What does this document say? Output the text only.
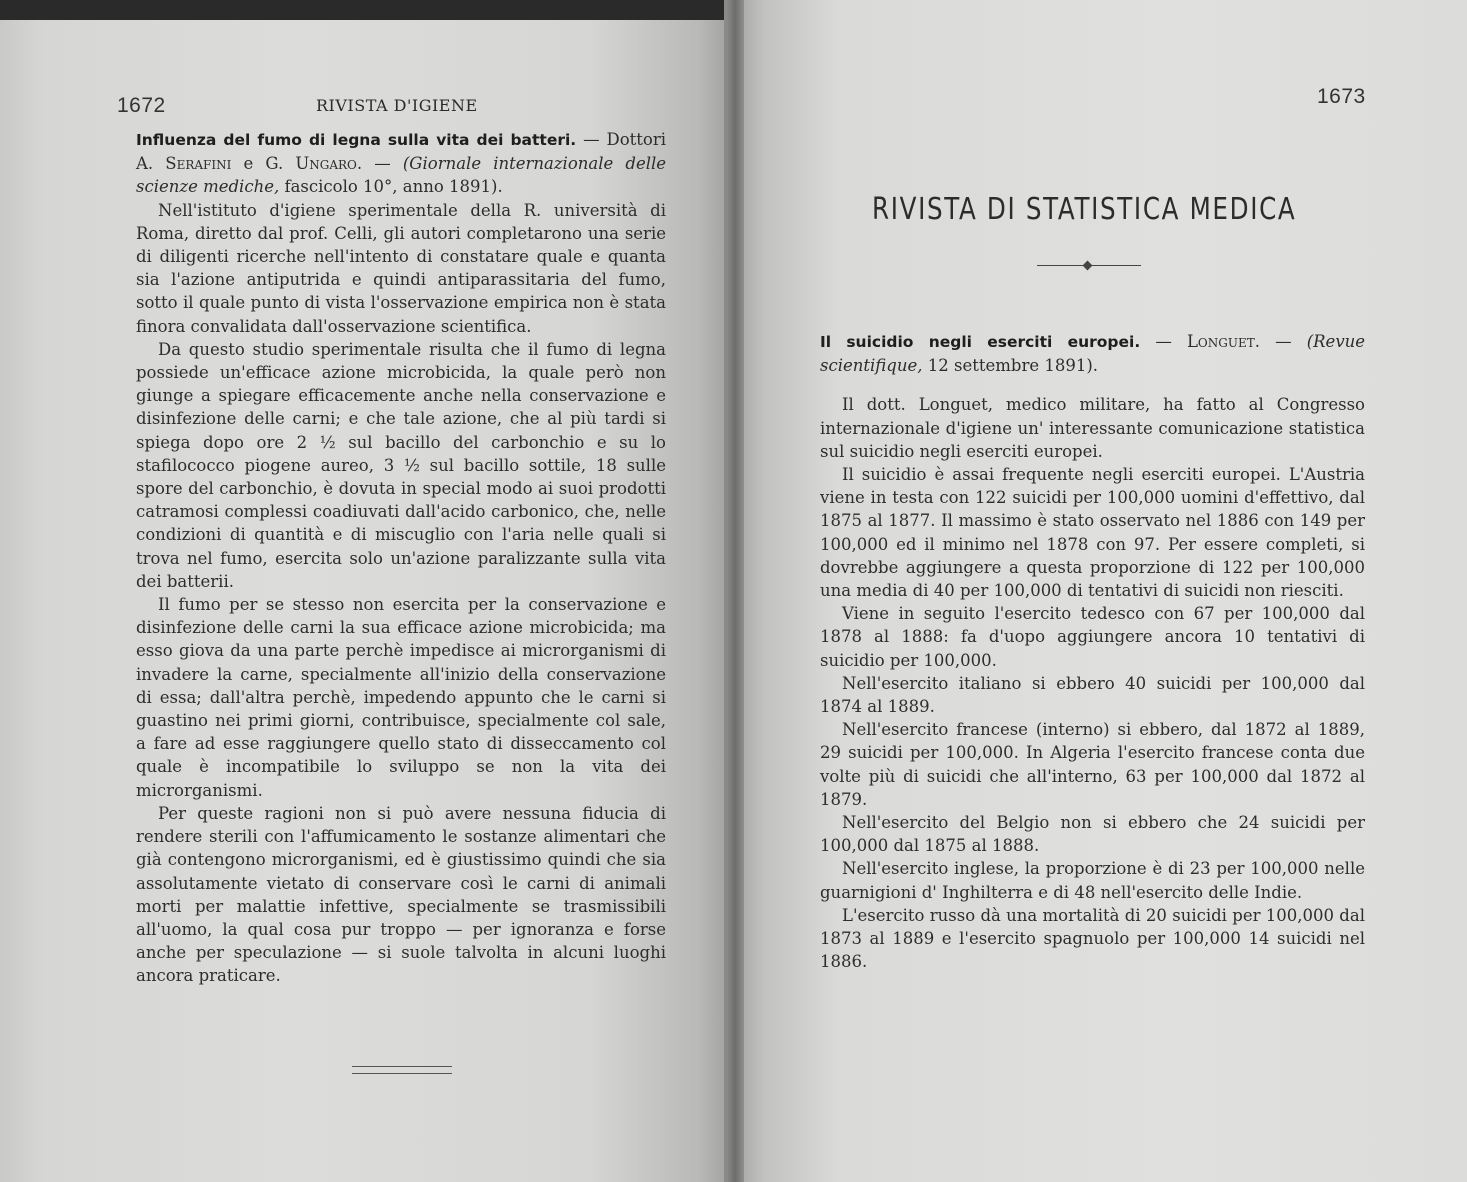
1672	RIVISTA D'IGIENE

Influenza del fumo di legna sulla vita dei batteri. — Dottori A. Serafini e G. Ungaro. — (Giornale internazionale delle scienze mediche, fascicolo 10°, anno 1891).

Nell'istituto d'igiene sperimentale della R. università di Roma, diretto dal prof. Celli, gli autori completarono una serie di diligenti ricerche nell'intento di constatare quale e quanta sia l'azione antiputrida e quindi antiparassitaria del fumo, sotto il quale punto di vista l'osservazione empirica non è stata finora convalidata dall'osservazione scientifica.

Da questo studio sperimentale risulta che il fumo di legna possiede un'efficace azione microbicida, la quale però non giunge a spiegare efficacemente anche nella conservazione e disinfezione delle carni; e che tale azione, che al più tardi si spiega dopo ore 2 ½ sul bacillo del carbonchio e su lo stafilococco piogene aureo, 3 ½ sul bacillo sottile, 18 sulle spore del carbonchio, è dovuta in special modo ai suoi prodotti catramosi complessi coadiuvati dall'acido carbonico, che, nelle condizioni di quantità e di miscuglio con l'aria nelle quali si trova nel fumo, esercita solo un'azione paralizzante sulla vita dei batterii.

Il fumo per se stesso non esercita per la conservazione e disinfezione delle carni la sua efficace azione microbicida; ma esso giova da una parte perchè impedisce ai microrganismi di invadere la carne, specialmente all'inizio della conservazione di essa; dall'altra perchè, impedendo appunto che le carni si guastino nei primi giorni, contribuisce, specialmente col sale, a fare ad esse raggiungere quello stato di disseccamento col quale è incompatibile lo sviluppo se non la vita dei microrganismi.

Per queste ragioni non si può avere nessuna fiducia di rendere sterili con l'affumicamento le sostanze alimentari che già contengono microrganismi, ed è giustissimo quindi che sia assolutamente vietato di conservare così le carni di animali morti per malattie infettive, specialmente se trasmissibili all'uomo, la qual cosa pur troppo — per ignoranza e forse anche per speculazione — si suole talvolta in alcuni luoghi ancora praticare.

1673
RIVISTA DI STATISTICA MEDICA

Il suicidio negli eserciti europei. — Longuet. — (Revue scientifique, 12 settembre 1891).

Il dott. Longuet, medico militare, ha fatto al Congresso internazionale d'igiene un' interessante comunicazione statistica sul suicidio negli eserciti europei.

Il suicidio è assai frequente negli eserciti europei. L'Austria viene in testa con 122 suicidi per 100,000 uomini d'effettivo, dal 1875 al 1877. Il massimo è stato osservato nel 1886 con 149 per 100,000 ed il minimo nel 1878 con 97. Per essere completi, si dovrebbe aggiungere a questa proporzione di 122 per 100,000 una media di 40 per 100,000 di tentativi di suicidi non riesciti.

Viene in seguito l'esercito tedesco con 67 per 100,000 dal 1878 al 1888: fa d'uopo aggiungere ancora 10 tentativi di suicidio per 100,000.

Nell'esercito italiano si ebbero 40 suicidi per 100,000 dal 1874 al 1889.

Nell'esercito francese (interno) si ebbero, dal 1872 al 1889, 29 suicidi per 100,000. In Algeria l'esercito francese conta due volte più di suicidi che all'interno, 63 per 100,000 dal 1872 al 1879.

Nell'esercito del Belgio non si ebbero che 24 suicidi per 100,000 dal 1875 al 1888.

Nell'esercito inglese, la proporzione è di 23 per 100,000 nelle guarnigioni d' Inghilterra e di 48 nell'esercito delle Indie.

L'esercito russo dà una mortalità di 20 suicidi per 100,000 dal 1873 al 1889 e l'esercito spagnuolo per 100,000 14 suicidi nel 1886.
